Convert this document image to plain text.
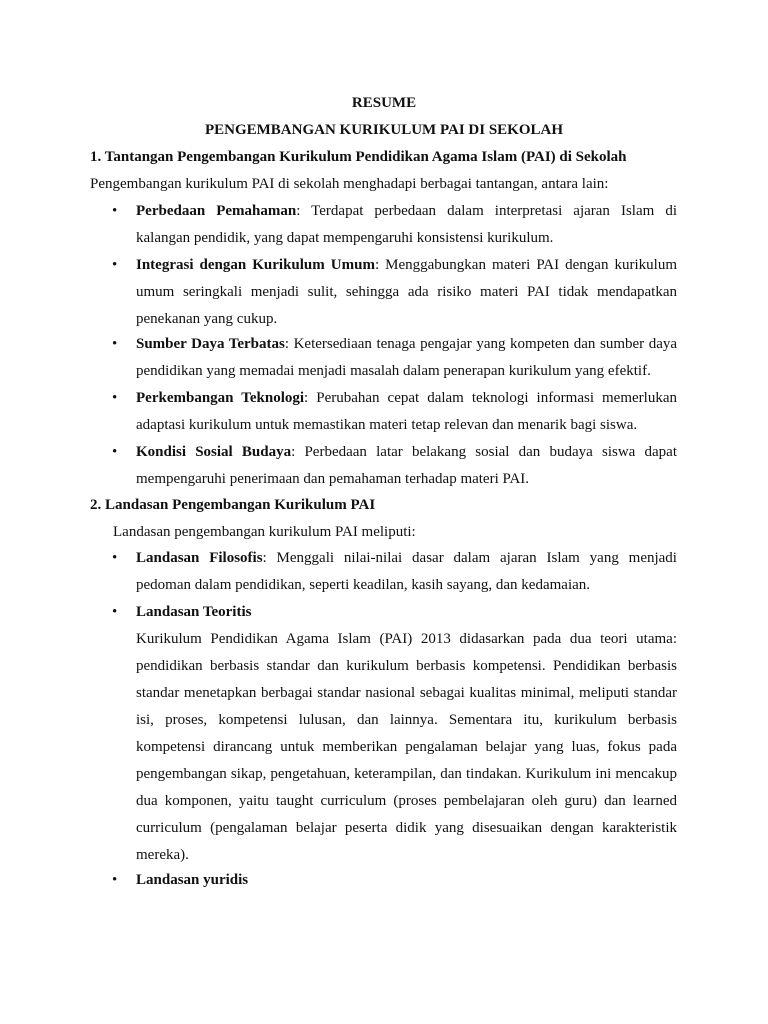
RESUME
PENGEMBANGAN KURIKULUM PAI DI SEKOLAH
1. Tantangan Pengembangan Kurikulum Pendidikan Agama Islam (PAI) di Sekolah
Pengembangan kurikulum PAI di sekolah menghadapi berbagai tantangan, antara lain:
•	Perbedaan Pemahaman: Terdapat perbedaan dalam interpretasi ajaran Islam di
kalangan pendidik, yang dapat mempengaruhi konsistensi kurikulum.
•	Integrasi dengan Kurikulum Umum: Menggabungkan materi PAI dengan kurikulum
umum seringkali menjadi sulit, sehingga ada risiko materi PAI tidak mendapatkan
penekanan yang cukup.
•	Sumber Daya Terbatas: Ketersediaan tenaga pengajar yang kompeten dan sumber daya
pendidikan yang memadai menjadi masalah dalam penerapan kurikulum yang efektif.
•	Perkembangan Teknologi: Perubahan cepat dalam teknologi informasi memerlukan
adaptasi kurikulum untuk memastikan materi tetap relevan dan menarik bagi siswa.
•	Kondisi Sosial Budaya: Perbedaan latar belakang sosial dan budaya siswa dapat
mempengaruhi penerimaan dan pemahaman terhadap materi PAI.
2. Landasan Pengembangan Kurikulum PAI
Landasan pengembangan kurikulum PAI meliputi:
•	Landasan Filosofis: Menggali nilai-nilai dasar dalam ajaran Islam yang menjadi
pedoman dalam pendidikan, seperti keadilan, kasih sayang, dan kedamaian.
•	Landasan Teoritis
Kurikulum Pendidikan Agama Islam (PAI) 2013 didasarkan pada dua teori utama:
pendidikan berbasis standar dan kurikulum berbasis kompetensi. Pendidikan berbasis
standar menetapkan berbagai standar nasional sebagai kualitas minimal, meliputi standar
isi, proses, kompetensi lulusan, dan lainnya. Sementara itu, kurikulum berbasis
kompetensi dirancang untuk memberikan pengalaman belajar yang luas, fokus pada
pengembangan sikap, pengetahuan, keterampilan, dan tindakan. Kurikulum ini mencakup
dua komponen, yaitu taught curriculum (proses pembelajaran oleh guru) dan learned
curriculum (pengalaman belajar peserta didik yang disesuaikan dengan karakteristik
mereka).
•	Landasan yuridis
